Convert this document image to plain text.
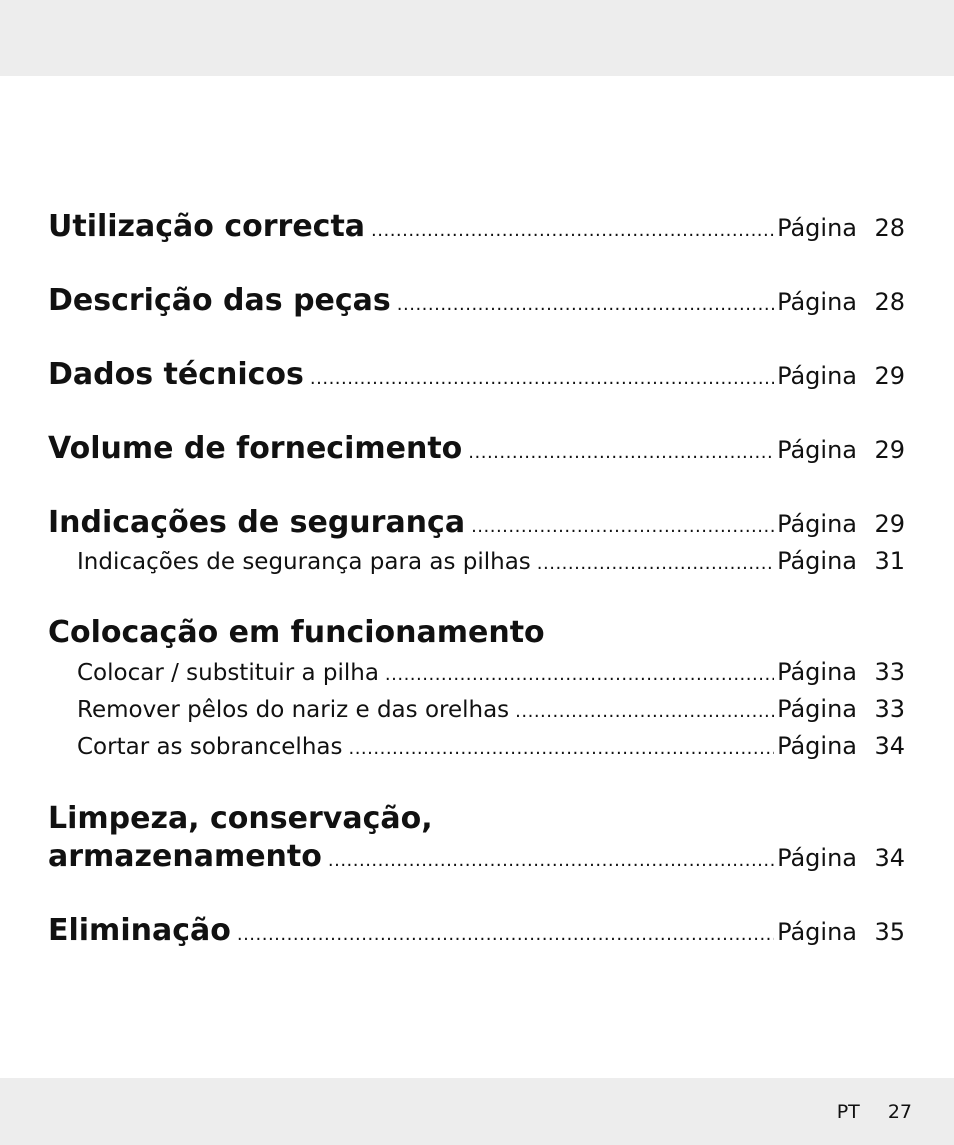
Utilização correcta .....	Página 28
Descrição das peças .....	Página 28
Dados técnicos .....	Página 29
Volume de fornecimento .....	Página 29
Indicações de segurança .....	Página 29
Indicações de segurança para as pilhas .....	Página 31
Colocação em funcionamento
Colocar / substituir a pilha .....	Página 33
Remover pêlos do nariz e das orelhas .....	Página 33
Cortar as sobrancelhas .....	Página 34
Limpeza, conservação,
armazenamento .....	Página 34
Eliminação .....	Página 35
PT 27
